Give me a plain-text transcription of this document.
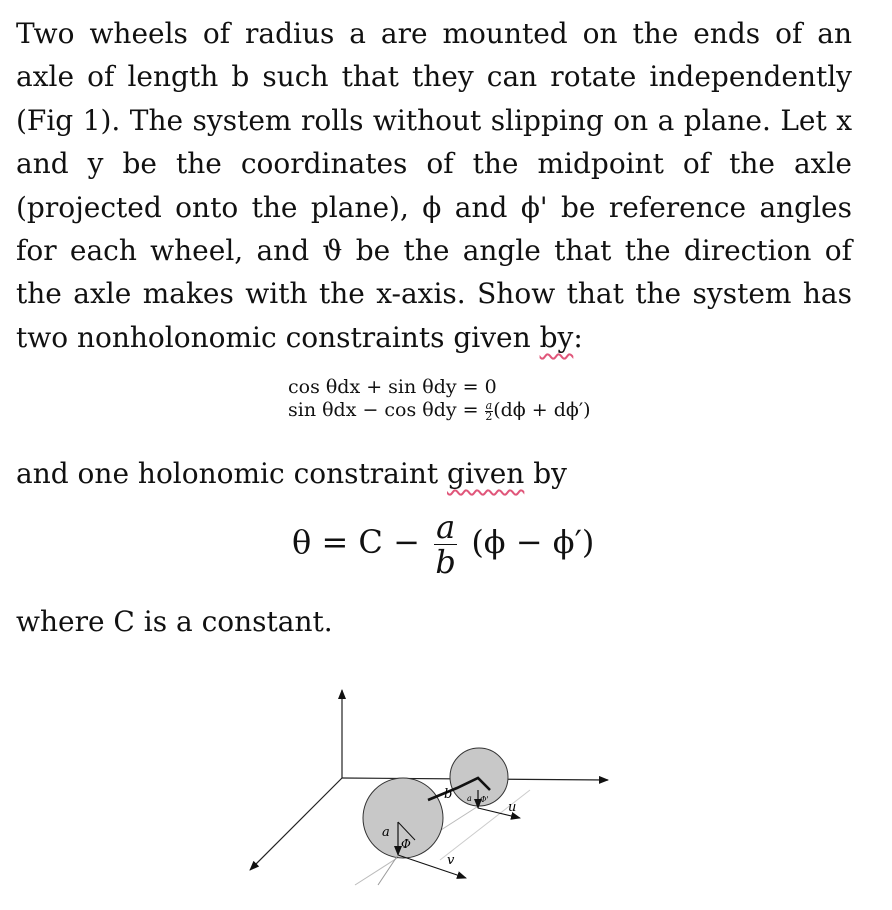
Two wheels of radius a are mounted on the ends of an axle of length b such that they can rotate independently (Fig 1). The system rolls without slipping on a plane. Let x and y be the coordinates of the midpoint of the axle (projected onto the plane), ϕ and ϕ' be reference angles for each wheel, and ϑ be the angle that the direction of the axle makes with the x-axis. Show that the system has two nonholonomic constraints given by:

cos θdx + sin θdy = 0
$\sin \theta dx - \cos \theta dy = \frac{a}{2} (d\phi + d\phi')$

and one holonomic constraint given by

$\theta = C - \frac{a}{b} (\phi - \phi')$

where C is a constant.

b
a
Φ
a Φ'
u
v
